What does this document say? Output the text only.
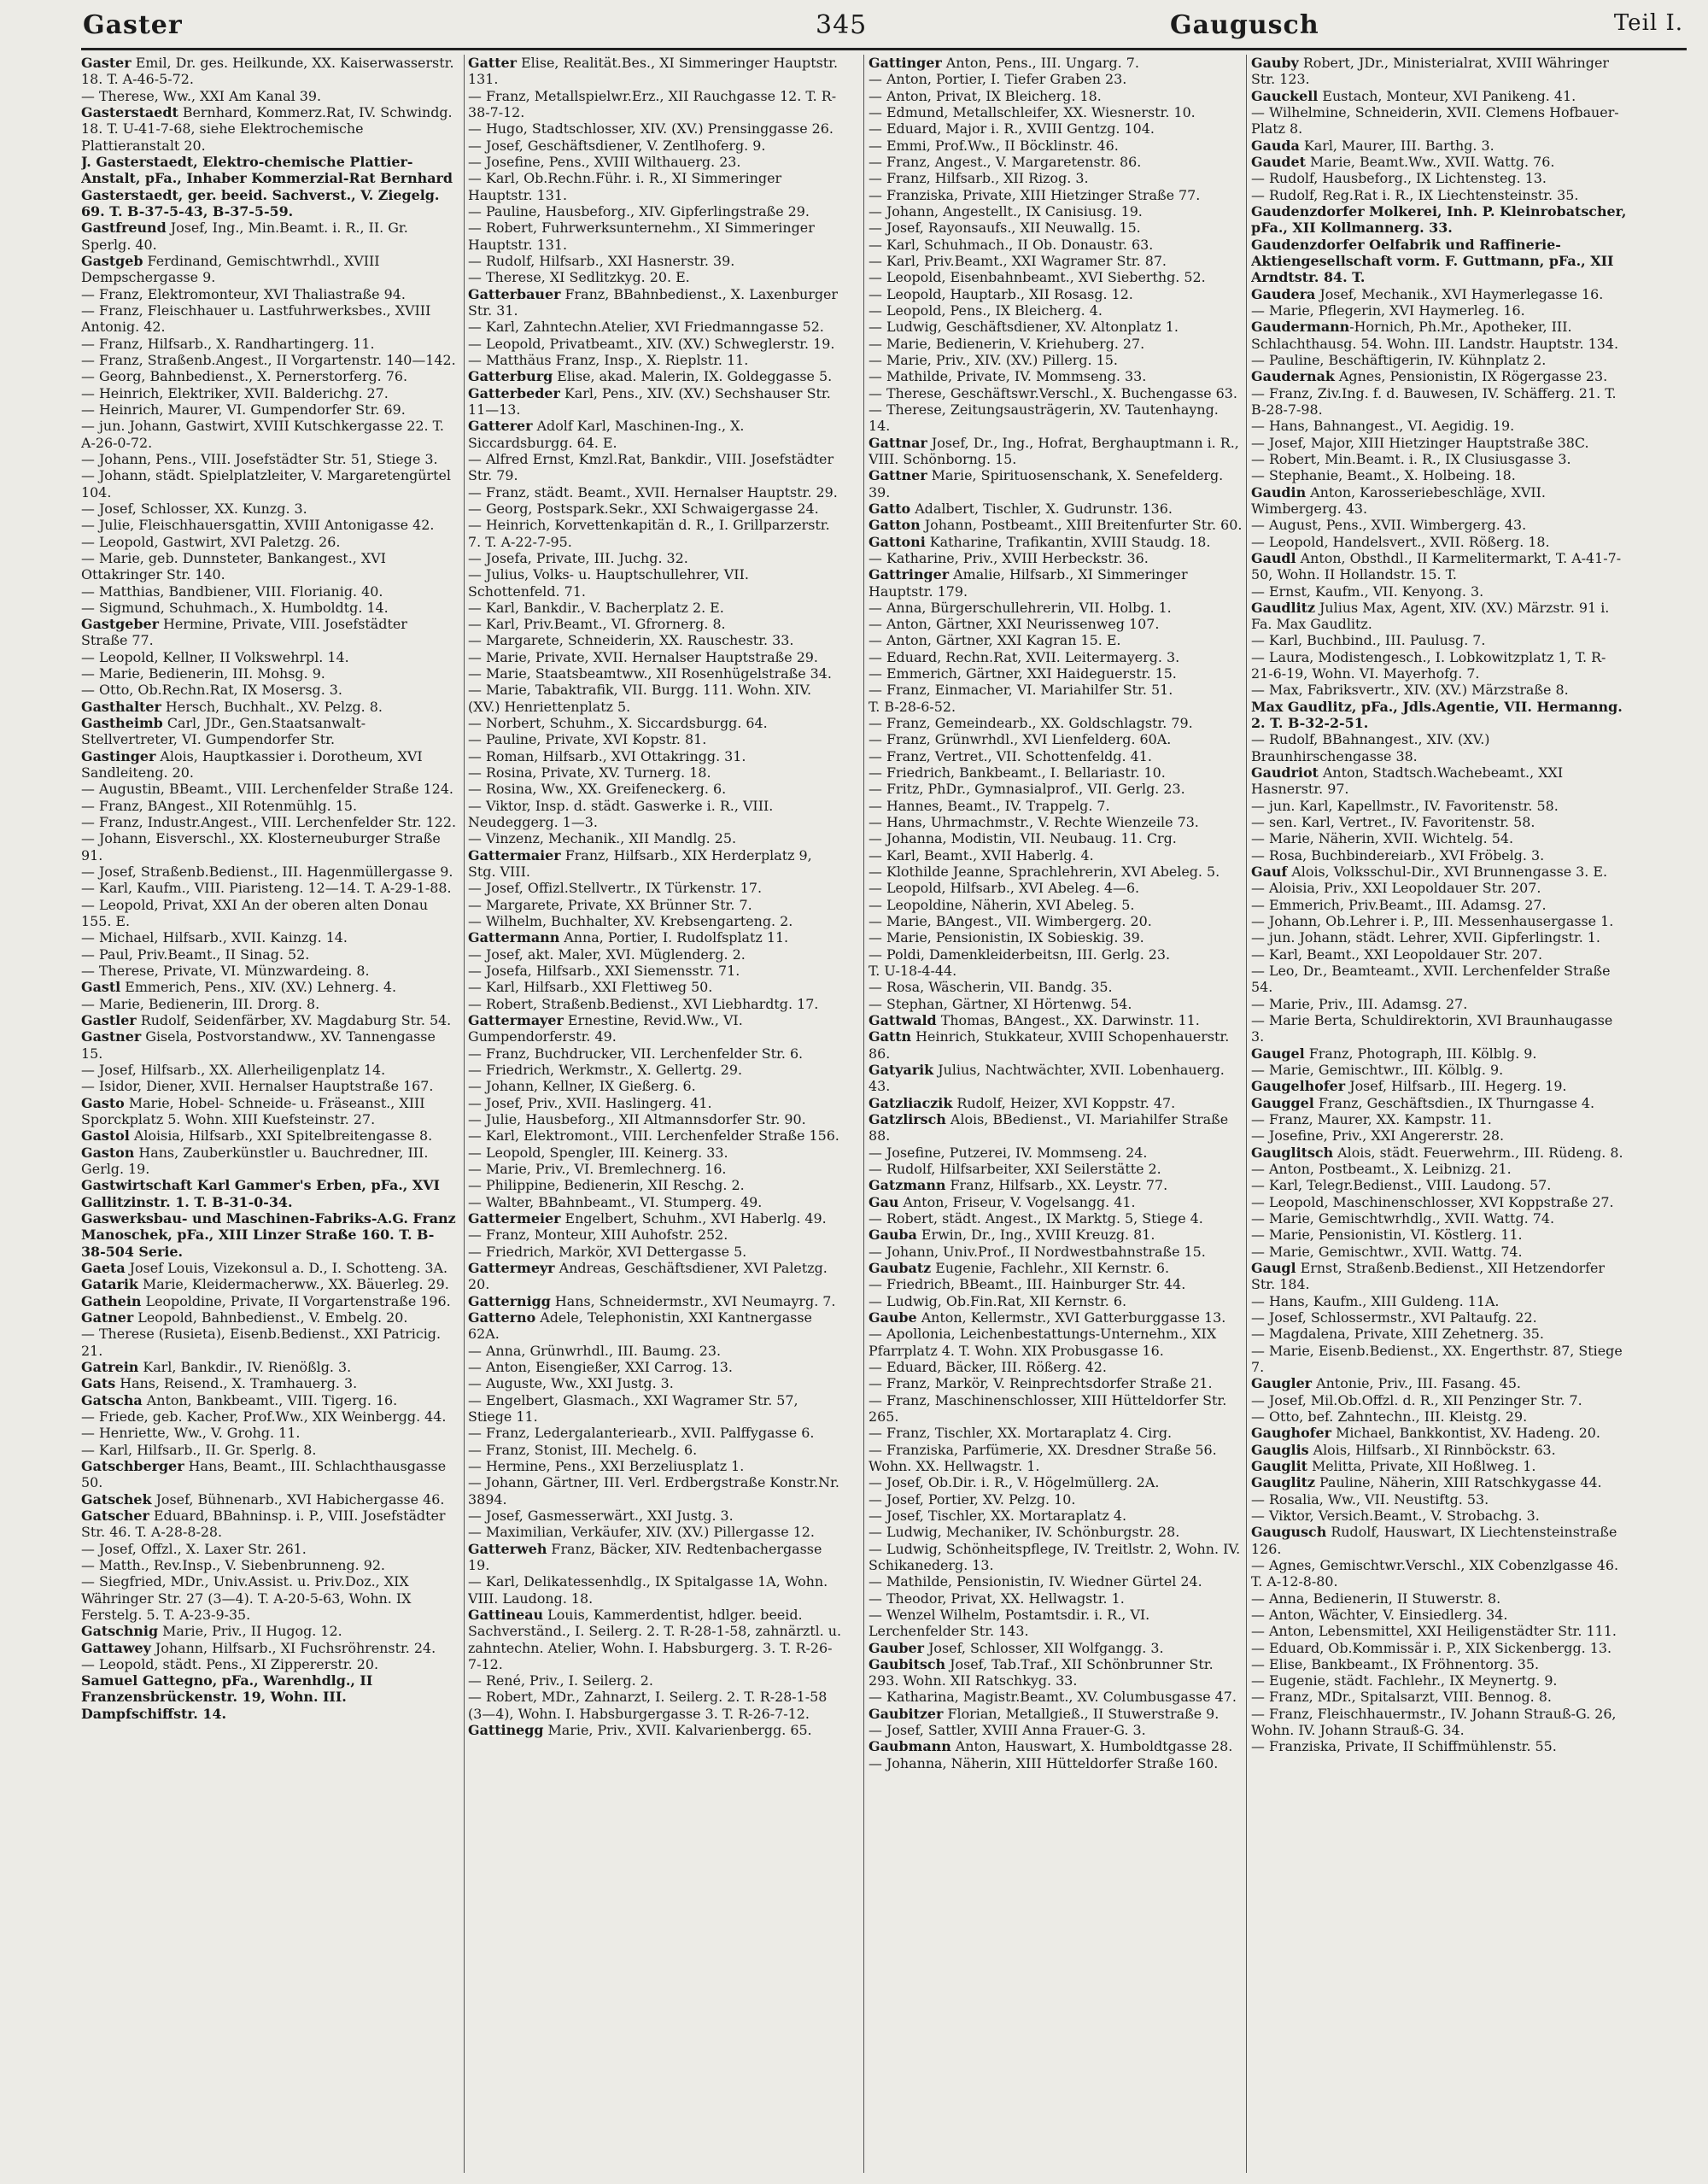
Gaster	345	Gaugusch	Teil I.
Gaster Emil, Dr. ges. Heilkunde, XX. Kaiserwasserstr. 18. T. A-46-5-72.
— Therese, Ww., XXI Am Kanal 39.
Gasterstaedt Bernhard, Kommerz.Rat, IV. Schwindg. 18. T. U-41-7-68, siehe Elektrochemische Plattieranstalt 20.
J. Gasterstaedt, Elektro-chemische Plattier-Anstalt, pFa., Inhaber Kommerzial-Rat Bernhard Gasterstaedt, ger. beeid. Sachverst., V. Ziegelg. 69. T. B-37-5-43, B-37-5-59.
Gastfreund Josef, Ing., Min.Beamt. i. R., II. Gr. Sperlg. 40.
Gastgeb Ferdinand, Gemischtwrhdl., XVIII Dempschergasse 9.
— Franz, Elektromonteur, XVI Thaliastraße 94.
— Franz, Fleischhauer u. Lastfuhrwerksbes., XVIII Antonig. 42.
— Franz, Hilfsarb., X. Randhartingerg. 11.
— Franz, Straßenb.Angest., II Vorgartenstr. 140—142.
— Georg, Bahnbedienst., X. Pernerstorferg. 76.
— Heinrich, Elektriker, XVII. Balderichg. 27.
— Heinrich, Maurer, VI. Gumpendorfer Str. 69.
— jun. Johann, Gastwirt, XVIII Kutschkergasse 22. T. A-26-0-72.
— Johann, Pens., VIII. Josefstädter Str. 51, Stiege 3.
— Johann, städt. Spielplatzleiter, V. Margaretengürtel 104.
— Josef, Schlosser, XX. Kunzg. 3.
— Julie, Fleischhauersgattin, XVIII Antonigasse 42.
— Leopold, Gastwirt, XVI Paletzg. 26.
— Marie, geb. Dunnsteter, Bankangest., XVI Ottakringer Str. 140.
— Matthias, Bandbiener, VIII. Florianig. 40.
— Sigmund, Schuhmach., X. Humboldtg. 14.
Gastgeber Hermine, Private, VIII. Josefstädter Straße 77.
— Leopold, Kellner, II Volkswehrpl. 14.
— Marie, Bedienerin, III. Mohsg. 9.
— Otto, Ob.Rechn.Rat, IX Mosersg. 3.
Gasthalter Hersch, Buchhalt., XV. Pelzg. 8.
Gastheimb Carl, JDr., Gen.Staatsanwalt-Stellvertreter, VI. Gumpendorfer Str.
Gastinger Alois, Hauptkassier i. Dorotheum, XVI Sandleiteng. 20.
— Augustin, BBeamt., VIII. Lerchenfelder Straße 124.
— Franz, BAngest., XII Rotenmühlg. 15.
— Franz, Industr.Angest., VIII. Lerchenfelder Str. 122.
— Johann, Eisverschl., XX. Klosterneuburger Straße 91.
— Josef, Straßenb.Bedienst., III. Hagenmüllergasse 9.
— Karl, Kaufm., VIII. Piaristeng. 12—14. T. A-29-1-88.
— Leopold, Privat, XXI An der oberen alten Donau 155. E.
— Michael, Hilfsarb., XVII. Kainzg. 14.
— Paul, Priv.Beamt., II Sinag. 52.
— Therese, Private, VI. Münzwardeing. 8.
Gastl Emmerich, Pens., XIV. (XV.) Lehnerg. 4.
— Marie, Bedienerin, III. Drorg. 8.
Gastler Rudolf, Seidenfärber, XV. Magdaburg Str. 54.
Gastner Gisela, Postvorstandww., XV. Tannengasse 15.
— Josef, Hilfsarb., XX. Allerheiligenplatz 14.
— Isidor, Diener, XVII. Hernalser Hauptstraße 167.
Gasto Marie, Hobel- Schneide- u. Fräseanst., XIII Sporckplatz 5. Wohn. XIII Kuefsteinstr. 27.
Gastol Aloisia, Hilfsarb., XXI Spitelbreitengasse 8.
Gaston Hans, Zauberkünstler u. Bauchredner, III. Gerlg. 19.
Gastwirtschaft Karl Gammer's Erben, pFa., XVI Gallitzinstr. 1. T. B-31-0-34.
Gaswerksbau- und Maschinen-Fabriks-A.G. Franz Manoschek, pFa., XIII Linzer Straße 160. T. B-38-504 Serie.
Gaeta Josef Louis, Vizekonsul a. D., I. Schotteng. 3A.
Gatarik Marie, Kleidermacherww., XX. Bäuerleg. 29.
Gathein Leopoldine, Private, II Vorgartenstraße 196.
Gatner Leopold, Bahnbedienst., V. Embelg. 20.
— Therese (Rusieta), Eisenb.Bedienst., XXI Patricig. 21.
Gatrein Karl, Bankdir., IV. Rienößlg. 3.
Gats Hans, Reisend., X. Tramhauerg. 3.
Gatscha Anton, Bankbeamt., VIII. Tigerg. 16.
— Friede, geb. Kacher, Prof.Ww., XIX Weinbergg. 44.
— Henriette, Ww., V. Grohg. 11.
— Karl, Hilfsarb., II. Gr. Sperlg. 8.
Gatschberger Hans, Beamt., III. Schlachthausgasse 50.
Gatschek Josef, Bühnenarb., XVI Habichergasse 46.
Gatscher Eduard, BBahninsp. i. P., VIII. Josefstädter Str. 46. T. A-28-8-28.
— Josef, Offzl., X. Laxer Str. 261.
— Matth., Rev.Insp., V. Siebenbrunneng. 92.
— Siegfried, MDr., Univ.Assist. u. Priv.Doz., XIX Währinger Str. 27 (3—4). T. A-20-5-63, Wohn. IX Ferstelg. 5. T. A-23-9-35.
Gatschnig Marie, Priv., II Hugog. 12.
Gattawey Johann, Hilfsarb., XI Fuchsröhrenstr. 24.
— Leopold, städt. Pens., XI Zippererstr. 20.
Samuel Gattegno, pFa., Warenhdlg., II Franzensbrückenstr. 19, Wohn. III. Dampfschiffstr. 14.
Gatter Elise, Realität.Bes., XI Simmeringer Hauptstr. 131.
— Franz, Metallspielwr.Erz., XII Rauchgasse 12. T. R-38-7-12.
— Hugo, Stadtschlosser, XIV. (XV.) Prensinggasse 26.
— Josef, Geschäftsdiener, V. Zentlhoferg. 9.
— Josefine, Pens., XVIII Wilthauerg. 23.
— Karl, Ob.Rechn.Führ. i. R., XI Simmeringer Hauptstr. 131.
— Pauline, Hausbeforg., XIV. Gipferlingstraße 29.
— Robert, Fuhrwerksunternehm., XI Simmeringer Hauptstr. 131.
— Rudolf, Hilfsarb., XXI Hasnerstr. 39.
— Therese, XI Sedlitzkyg. 20. E.
Gatterbauer Franz, BBahnbedienst., X. Laxenburger Str. 31.
— Karl, Zahntechn.Atelier, XVI Friedmanngasse 52.
— Leopold, Privatbeamt., XIV. (XV.) Schweglerstr. 19.
— Matthäus Franz, Insp., X. Rieplstr. 11.
Gatterburg Elise, akad. Malerin, IX. Goldeggasse 5.
Gatterbeder Karl, Pens., XIV. (XV.) Sechshauser Str. 11—13.
Gatterer Adolf Karl, Maschinen-Ing., X. Siccardsburgg. 64. E.
— Alfred Ernst, Kmzl.Rat, Bankdir., VIII. Josefstädter Str. 79.
— Franz, städt. Beamt., XVII. Hernalser Hauptstr. 29.
— Georg, Postspark.Sekr., XXI Schwaigergasse 24.
— Heinrich, Korvettenkapitän d. R., I. Grillparzerstr. 7. T. A-22-7-95.
— Josefa, Private, III. Juchg. 32.
— Julius, Volks- u. Hauptschullehrer, VII. Schottenfeld. 71.
— Karl, Bankdir., V. Bacherplatz 2. E.
— Karl, Priv.Beamt., VI. Gfrornerg. 8.
— Margarete, Schneiderin, XX. Rauschestr. 33.
— Marie, Private, XVII. Hernalser Hauptstraße 29.
— Marie, Staatsbeamtww., XII Rosenhügelstraße 34.
— Marie, Tabaktrafik, VII. Burgg. 111. Wohn. XIV. (XV.) Henriettenplatz 5.
— Norbert, Schuhm., X. Siccardsburgg. 64.
— Pauline, Private, XVI Kopstr. 81.
— Roman, Hilfsarb., XVI Ottakringg. 31.
— Rosina, Private, XV. Turnerg. 18.
— Rosina, Ww., XX. Greifeneckerg. 6.
— Viktor, Insp. d. städt. Gaswerke i. R., VIII. Neudeggerg. 1—3.
— Vinzenz, Mechanik., XII Mandlg. 25.
Gattermaier Franz, Hilfsarb., XIX Herderplatz 9, Stg. VIII.
— Josef, Offizl.Stellvertr., IX Türkenstr. 17.
— Margarete, Private, XX Brünner Str. 7.
— Wilhelm, Buchhalter, XV. Krebsengarteng. 2.
Gattermann Anna, Portier, I. Rudolfsplatz 11.
— Josef, akt. Maler, XVI. Müglenderg. 2.
— Josefa, Hilfsarb., XXI Siemensstr. 71.
— Karl, Hilfsarb., XXI Flettiweg 50.
— Robert, Straßenb.Bedienst., XVI Liebhardtg. 17.
Gattermayer Ernestine, Revid.Ww., VI. Gumpendorferstr. 49.
— Franz, Buchdrucker, VII. Lerchenfelder Str. 6.
— Friedrich, Werkmstr., X. Gellertg. 29.
— Johann, Kellner, IX Gießerg. 6.
— Josef, Priv., XVII. Haslingerg. 41.
— Julie, Hausbeforg., XII Altmannsdorfer Str. 90.
— Karl, Elektromont., VIII. Lerchenfelder Straße 156.
— Leopold, Spengler, III. Keinerg. 33.
— Marie, Priv., VI. Bremlechnerg. 16.
— Philippine, Bedienerin, XII Reschg. 2.
— Walter, BBahnbeamt., VI. Stumperg. 49.
Gattermeier Engelbert, Schuhm., XVI Haberlg. 49.
— Franz, Monteur, XIII Auhofstr. 252.
— Friedrich, Markör, XVI Dettergasse 5.
Gattermeyr Andreas, Geschäftsdiener, XVI Paletzg. 20.
Gatternigg Hans, Schneidermstr., XVI Neumayrg. 7.
Gatterno Adele, Telephonistin, XXI Kantnergasse 62A.
— Anna, Grünwrhdl., III. Baumg. 23.
— Anton, Eisengießer, XXI Carrog. 13.
— Auguste, Ww., XXI Justg. 3.
— Engelbert, Glasmach., XXI Wagramer Str. 57, Stiege 11.
— Franz, Ledergalanteriearb., XVII. Palffygasse 6.
— Franz, Stonist, III. Mechelg. 6.
— Hermine, Pens., XXI Berzeliusplatz 1.
— Johann, Gärtner, III. Verl. Erdbergstraße Konstr.Nr. 3894.
— Josef, Gasmesserwärt., XXI Justg. 3.
— Maximilian, Verkäufer, XIV. (XV.) Pillergasse 12.
Gatterweh Franz, Bäcker, XIV. Redtenbachergasse 19.
— Karl, Delikatessenhdlg., IX Spitalgasse 1A, Wohn. VIII. Laudong. 18.
Gattineau Louis, Kammerdentist, hdlger. beeid. Sachverständ., I. Seilerg. 2. T. R-28-1-58, zahnärztl. u. zahntechn. Atelier, Wohn. I. Habsburgerg. 3. T. R-26-7-12.
— René, Priv., I. Seilerg. 2.
— Robert, MDr., Zahnarzt, I. Seilerg. 2. T. R-28-1-58 (3—4), Wohn. I. Habsburgergasse 3. T. R-26-7-12.
Gattinegg Marie, Priv., XVII. Kalvarienbergg. 65.
Gattinger Anton, Pens., III. Ungarg. 7.
— Anton, Portier, I. Tiefer Graben 23.
— Anton, Privat, IX Bleicherg. 18.
— Edmund, Metallschleifer, XX. Wiesnerstr. 10.
— Eduard, Major i. R., XVIII Gentzg. 104.
— Emmi, Prof.Ww., II Böcklinstr. 46.
— Franz, Angest., V. Margaretenstr. 86.
— Franz, Hilfsarb., XII Rizog. 3.
— Franziska, Private, XIII Hietzinger Straße 77.
— Johann, Angestellt., IX Canisiusg. 19.
— Josef, Rayonsaufs., XII Neuwallg. 15.
— Karl, Schuhmach., II Ob. Donaustr. 63.
— Karl, Priv.Beamt., XXI Wagramer Str. 87.
— Leopold, Eisenbahnbeamt., XVI Sieberthg. 52.
— Leopold, Hauptarb., XII Rosasg. 12.
— Leopold, Pens., IX Bleicherg. 4.
— Ludwig, Geschäftsdiener, XV. Altonplatz 1.
— Marie, Bedienerin, V. Kriehuberg. 27.
— Marie, Priv., XIV. (XV.) Pillerg. 15.
— Mathilde, Private, IV. Mommseng. 33.
— Therese, Geschäftswr.Verschl., X. Buchengasse 63.
— Therese, Zeitungsausträgerin, XV. Tautenhayng. 14.
Gattnar Josef, Dr., Ing., Hofrat, Berghauptmann i. R., VIII. Schönborng. 15.
Gattner Marie, Spirituosenschank, X. Senefelderg. 39.
Gatto Adalbert, Tischler, X. Gudrunstr. 136.
Gatton Johann, Postbeamt., XIII Breitenfurter Str. 60.
Gattoni Katharine, Trafikantin, XVIII Staudg. 18.
— Katharine, Priv., XVIII Herbeckstr. 36.
Gattringer Amalie, Hilfsarb., XI Simmeringer Hauptstr. 179.
— Anna, Bürgerschullehrerin, VII. Holbg. 1.
— Anton, Gärtner, XXI Neurissenweg 107.
— Anton, Gärtner, XXI Kagran 15. E.
— Eduard, Rechn.Rat, XVII. Leitermayerg. 3.
— Emmerich, Gärtner, XXI Haideguerstr. 15.
— Franz, Einmacher, VI. Mariahilfer Str. 51.
T. B-28-6-52.
— Franz, Gemeindearb., XX. Goldschlagstr. 79.
— Franz, Grünwrhdl., XVI Lienfelderg. 60A.
— Franz, Vertret., VII. Schottenfeldg. 41.
— Friedrich, Bankbeamt., I. Bellariastr. 10.
— Fritz, PhDr., Gymnasialprof., VII. Gerlg. 23.
— Hannes, Beamt., IV. Trappelg. 7.
— Hans, Uhrmachmstr., V. Rechte Wienzeile 73.
— Johanna, Modistin, VII. Neubaug. 11. Crg.
— Karl, Beamt., XVII Haberlg. 4.
— Klothilde Jeanne, Sprachlehrerin, XVI Abeleg. 5.
— Leopold, Hilfsarb., XVI Abeleg. 4—6.
— Leopoldine, Näherin, XVI Abeleg. 5.
— Marie, BAngest., VII. Wimbergerg. 20.
— Marie, Pensionistin, IX Sobieskig. 39.
— Poldi, Damenkleiderbeitsn, III. Gerlg. 23.
T. U-18-4-44.
— Rosa, Wäscherin, VII. Bandg. 35.
— Stephan, Gärtner, XI Hörtenwg. 54.
Gattwald Thomas, BAngest., XX. Darwinstr. 11.
Gattn Heinrich, Stukkateur, XVIII Schopenhauerstr. 86.
Gatyarik Julius, Nachtwächter, XVII. Lobenhauerg. 43.
Gatzliaczik Rudolf, Heizer, XVI Koppstr. 47.
Gatzlirsch Alois, BBedienst., VI. Mariahilfer Straße 88.
— Josefine, Putzerei, IV. Mommseng. 24.
— Rudolf, Hilfsarbeiter, XXI Seilerstätte 2.
Gatzmann Franz, Hilfsarb., XX. Leystr. 77.
Gau Anton, Friseur, V. Vogelsangg. 41.
— Robert, städt. Angest., IX Marktg. 5, Stiege 4.
Gauba Erwin, Dr., Ing., XVIII Kreuzg. 81.
— Johann, Univ.Prof., II Nordwestbahnstraße 15.
Gaubatz Eugenie, Fachlehr., XII Kernstr. 6.
— Friedrich, BBeamt., III. Hainburger Str. 44.
— Ludwig, Ob.Fin.Rat, XII Kernstr. 6.
Gaube Anton, Kellermstr., XVI Gatterburggasse 13.
— Apollonia, Leichenbestattungs-Unternehm., XIX Pfarrplatz 4. T. Wohn. XIX Probusgasse 16.
— Eduard, Bäcker, III. Rößerg. 42.
— Franz, Markör, V. Reinprechtsdorfer Straße 21.
— Franz, Maschinenschlosser, XIII Hütteldorfer Str. 265.
— Franz, Tischler, XX. Mortaraplatz 4. Cirg.
— Franziska, Parfümerie, XX. Dresdner Straße 56. Wohn. XX. Hellwagstr. 1.
— Josef, Ob.Dir. i. R., V. Högelmüllerg. 2A.
— Josef, Portier, XV. Pelzg. 10.
— Josef, Tischler, XX. Mortaraplatz 4.
— Ludwig, Mechaniker, IV. Schönburgstr. 28.
— Ludwig, Schönheitspflege, IV. Treitlstr. 2, Wohn. IV. Schikanederg. 13.
— Mathilde, Pensionistin, IV. Wiedner Gürtel 24.
— Theodor, Privat, XX. Hellwagstr. 1.
— Wenzel Wilhelm, Postamtsdir. i. R., VI. Lerchenfelder Str. 143.
Gauber Josef, Schlosser, XII Wolfgangg. 3.
Gaubitsch Josef, Tab.Traf., XII Schönbrunner Str. 293. Wohn. XII Ratschkyg. 33.
— Katharina, Magistr.Beamt., XV. Columbusgasse 47.
Gaubitzer Florian, Metallgieß., II Stuwerstraße 9.
— Josef, Sattler, XVIII Anna Frauer-G. 3.
Gaubmann Anton, Hauswart, X. Humboldtgasse 28.
— Johanna, Näherin, XIII Hütteldorfer Straße 160.
Gauby Robert, JDr., Ministerialrat, XVIII Währinger Str. 123.
Gauckell Eustach, Monteur, XVI Panikeng. 41.
— Wilhelmine, Schneiderin, XVII. Clemens Hofbauer-Platz 8.
Gauda Karl, Maurer, III. Barthg. 3.
Gaudet Marie, Beamt.Ww., XVII. Wattg. 76.
— Rudolf, Hausbeforg., IX Lichtensteg. 13.
— Rudolf, Reg.Rat i. R., IX Liechtensteinstr. 35.
Gaudenzdorfer Molkerei, Inh. P. Kleinrobatscher, pFa., XII Kollmannerg. 33.
Gaudenzdorfer Oelfabrik und Raffinerie-Aktiengesellschaft vorm. F. Guttmann, pFa., XII Arndtstr. 84. T.
Gaudera Josef, Mechanik., XVI Haymerlegasse 16.
— Marie, Pflegerin, XVI Haymerleg. 16.
Gaudermann-Hornich, Ph.Mr., Apotheker, III. Schlachthausg. 54. Wohn. III. Landstr. Hauptstr. 134.
— Pauline, Beschäftigerin, IV. Kühnplatz 2.
Gaudernak Agnes, Pensionistin, IX Rögergasse 23.
— Franz, Ziv.Ing. f. d. Bauwesen, IV. Schäfferg. 21. T. B-28-7-98.
— Hans, Bahnangest., VI. Aegidig. 19.
— Josef, Major, XIII Hietzinger Hauptstraße 38C.
— Robert, Min.Beamt. i. R., IX Clusiusgasse 3.
— Stephanie, Beamt., X. Holbeing. 18.
Gaudin Anton, Karosseriebeschläge, XVII. Wimbergerg. 43.
— August, Pens., XVII. Wimbergerg. 43.
— Leopold, Handelsvert., XVII. Rößerg. 18.
Gaudl Anton, Obsthdl., II Karmelitermarkt, T. A-41-7-50, Wohn. II Hollandstr. 15. T.
— Ernst, Kaufm., VII. Kenyong. 3.
Gaudlitz Julius Max, Agent, XIV. (XV.) Märzstr. 91 i. Fa. Max Gaudlitz.
— Karl, Buchbind., III. Paulusg. 7.
— Laura, Modistengesch., I. Lobkowitzplatz 1, T. R-21-6-19, Wohn. VI. Mayerhofg. 7.
— Max, Fabriksvertr., XIV. (XV.) Märzstraße 8.
Max Gaudlitz, pFa., Jdls.Agentie, VII. Hermanng. 2. T. B-32-2-51.
— Rudolf, BBahnangest., XIV. (XV.) Braunhirschengasse 38.
Gaudriot Anton, Stadtsch.Wachebeamt., XXI Hasnerstr. 97.
— jun. Karl, Kapellmstr., IV. Favoritenstr. 58.
— sen. Karl, Vertret., IV. Favoritenstr. 58.
— Marie, Näherin, XVII. Wichtelg. 54.
— Rosa, Buchbindereiarb., XVI Fröbelg. 3.
Gauf Alois, Volksschul-Dir., XVI Brunnengasse 3. E.
— Aloisia, Priv., XXI Leopoldauer Str. 207.
— Emmerich, Priv.Beamt., III. Adamsg. 27.
— Johann, Ob.Lehrer i. P., III. Messenhausergasse 1.
— jun. Johann, städt. Lehrer, XVII. Gipferlingstr. 1.
— Karl, Beamt., XXI Leopoldauer Str. 207.
— Leo, Dr., Beamteamt., XVII. Lerchenfelder Straße 54.
— Marie, Priv., III. Adamsg. 27.
— Marie Berta, Schuldirektorin, XVI Braunhaugasse 3.
Gaugel Franz, Photograph, III. Kölblg. 9.
— Marie, Gemischtwr., III. Kölblg. 9.
Gaugelhofer Josef, Hilfsarb., III. Hegerg. 19.
Gauggel Franz, Geschäftsdien., IX Thurngasse 4.
— Franz, Maurer, XX. Kampstr. 11.
— Josefine, Priv., XXI Angererstr. 28.
Gauglitsch Alois, städt. Feuerwehrm., III. Rüdeng. 8.
— Anton, Postbeamt., X. Leibnizg. 21.
— Karl, Telegr.Bedienst., VIII. Laudong. 57.
— Leopold, Maschinenschlosser, XVI Koppstraße 27.
— Marie, Gemischtwrhdlg., XVII. Wattg. 74.
— Marie, Pensionistin, VI. Köstlerg. 11.
— Marie, Gemischtwr., XVII. Wattg. 74.
Gaugl Ernst, Straßenb.Bedienst., XII Hetzendorfer Str. 184.
— Hans, Kaufm., XIII Guldeng. 11A.
— Josef, Schlossermstr., XVI Paltaufg. 22.
— Magdalena, Private, XIII Zehetnerg. 35.
— Marie, Eisenb.Bedienst., XX. Engerthstr. 87, Stiege 7.
Gaugler Antonie, Priv., III. Fasang. 45.
— Josef, Mil.Ob.Offzl. d. R., XII Penzinger Str. 7.
— Otto, bef. Zahntechn., III. Kleistg. 29.
Gaughofer Michael, Bankkontist, XV. Hadeng. 20.
Gauglis Alois, Hilfsarb., XI Rinnböckstr. 63.
Gauglit Melitta, Private, XII Hoßlweg. 1.
Gauglitz Pauline, Näherin, XIII Ratschkygasse 44.
— Rosalia, Ww., VII. Neustiftg. 53.
— Viktor, Versich.Beamt., V. Strobachg. 3.
Gaugusch Rudolf, Hauswart, IX Liechtensteinstraße 126.
— Agnes, Gemischtwr.Verschl., XIX Cobenzlgasse 46. T. A-12-8-80.
— Anna, Bedienerin, II Stuwerstr. 8.
— Anton, Wächter, V. Einsiedlerg. 34.
— Anton, Lebensmittel, XXI Heiligenstädter Str. 111.
— Eduard, Ob.Kommissär i. P., XIX Sickenbergg. 13.
— Elise, Bankbeamt., IX Fröhnentorg. 35.
— Eugenie, städt. Fachlehr., IX Meynertg. 9.
— Franz, MDr., Spitalsarzt, VIII. Bennog. 8.
— Franz, Fleischhauermstr., IV. Johann Strauß-G. 26, Wohn. IV. Johann Strauß-G. 34.
— Franziska, Private, II Schiffmühlenstr. 55.
